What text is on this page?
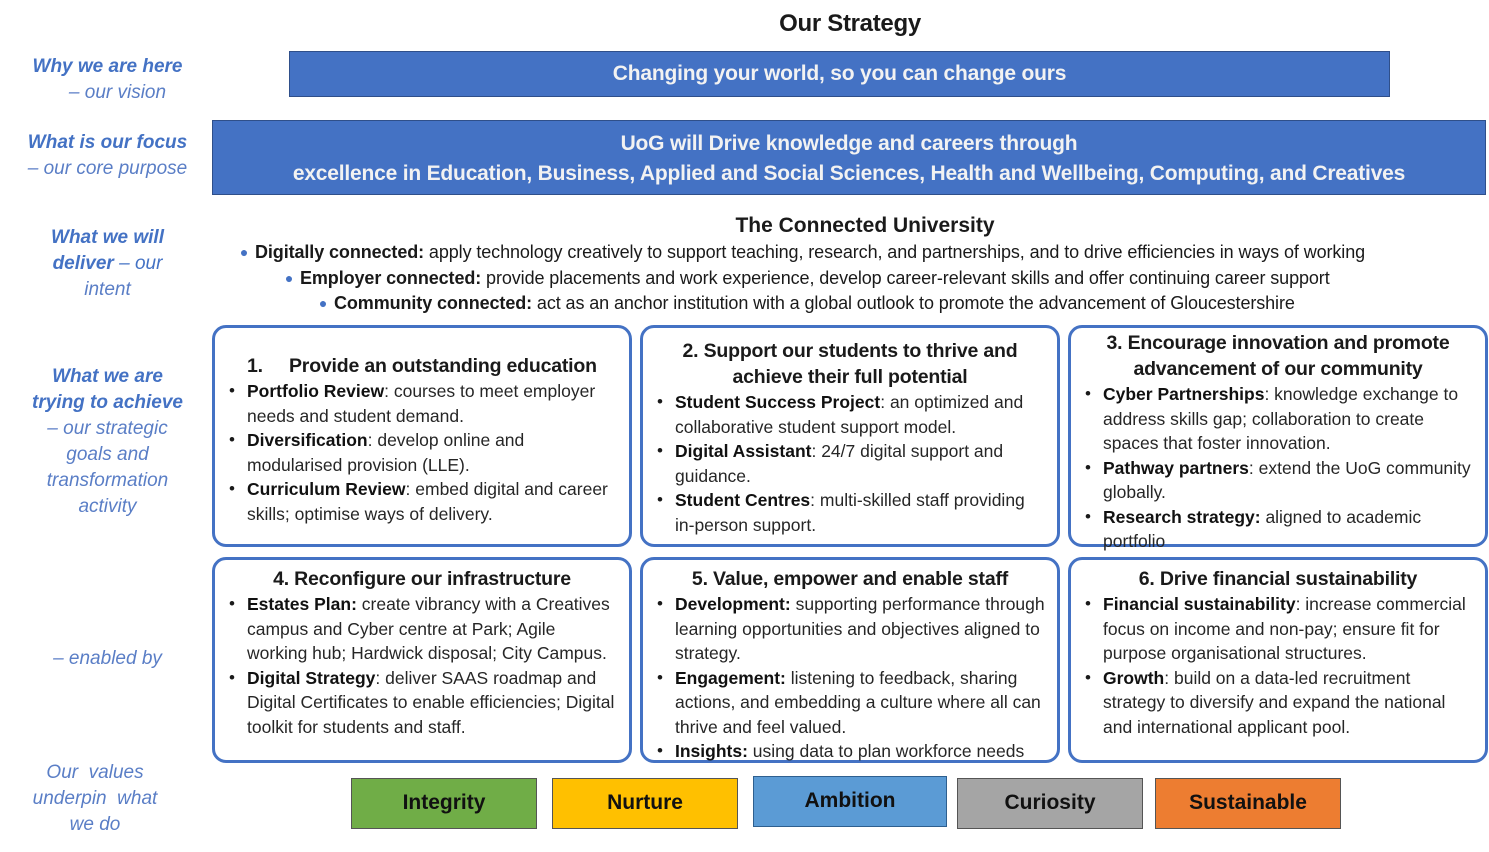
Our Strategy
Why we are here
– our vision
What is our focus
– our core purpose
What we will
deliver – our
intent
What we are
trying to achieve
– our strategic
goals and
transformation
activity
– enabled by
Our  values
underpin  what
we do
Changing your world, so you can change ours
UoG will Drive knowledge and careers through
excellence in Education, Business, Applied and Social Sciences, Health and Wellbeing, Computing, and Creatives
The Connected University
● Digitally connected: apply technology creatively to support teaching, research, and partnerships, and to drive efficiencies in ways of working
● Employer connected: provide placements and work experience, develop career-relevant skills and offer continuing career support
● Community connected: act as an anchor institution with a global outlook to promote the advancement of Gloucestershire
1. Provide an outstanding education
• Portfolio Review: courses to meet employer needs and student demand.
• Diversification: develop online and modularised provision (LLE).
• Curriculum Review: embed digital and career skills; optimise ways of delivery.
2. Support our students to thrive and achieve their full potential
• Student Success Project: an optimized and collaborative student support model.
• Digital Assistant: 24/7 digital support and guidance.
• Student Centres: multi-skilled staff providing in-person support.
3. Encourage innovation and promote advancement of our community
• Cyber Partnerships: knowledge exchange to address skills gap; collaboration to create spaces that foster innovation.
• Pathway partners: extend the UoG community globally.
• Research strategy: aligned to academic portfolio
4. Reconfigure our infrastructure
• Estates Plan: create vibrancy with a Creatives campus and Cyber centre at Park; Agile working hub; Hardwick disposal; City Campus.
• Digital Strategy: deliver SAAS roadmap and Digital Certificates to enable efficiencies; Digital toolkit for students and staff.
5. Value, empower and enable staff
• Development: supporting performance through learning opportunities and objectives aligned to strategy.
• Engagement: listening to feedback, sharing actions, and embedding a culture where all can thrive and feel valued.
• Insights: using data to plan workforce needs
6. Drive financial sustainability
• Financial sustainability: increase commercial focus on income and non-pay; ensure fit for purpose organisational structures.
• Growth: build on a data-led recruitment strategy to diversify and expand the national and international applicant pool.
Integrity	Nurture	Ambition	Curiosity	Sustainable
